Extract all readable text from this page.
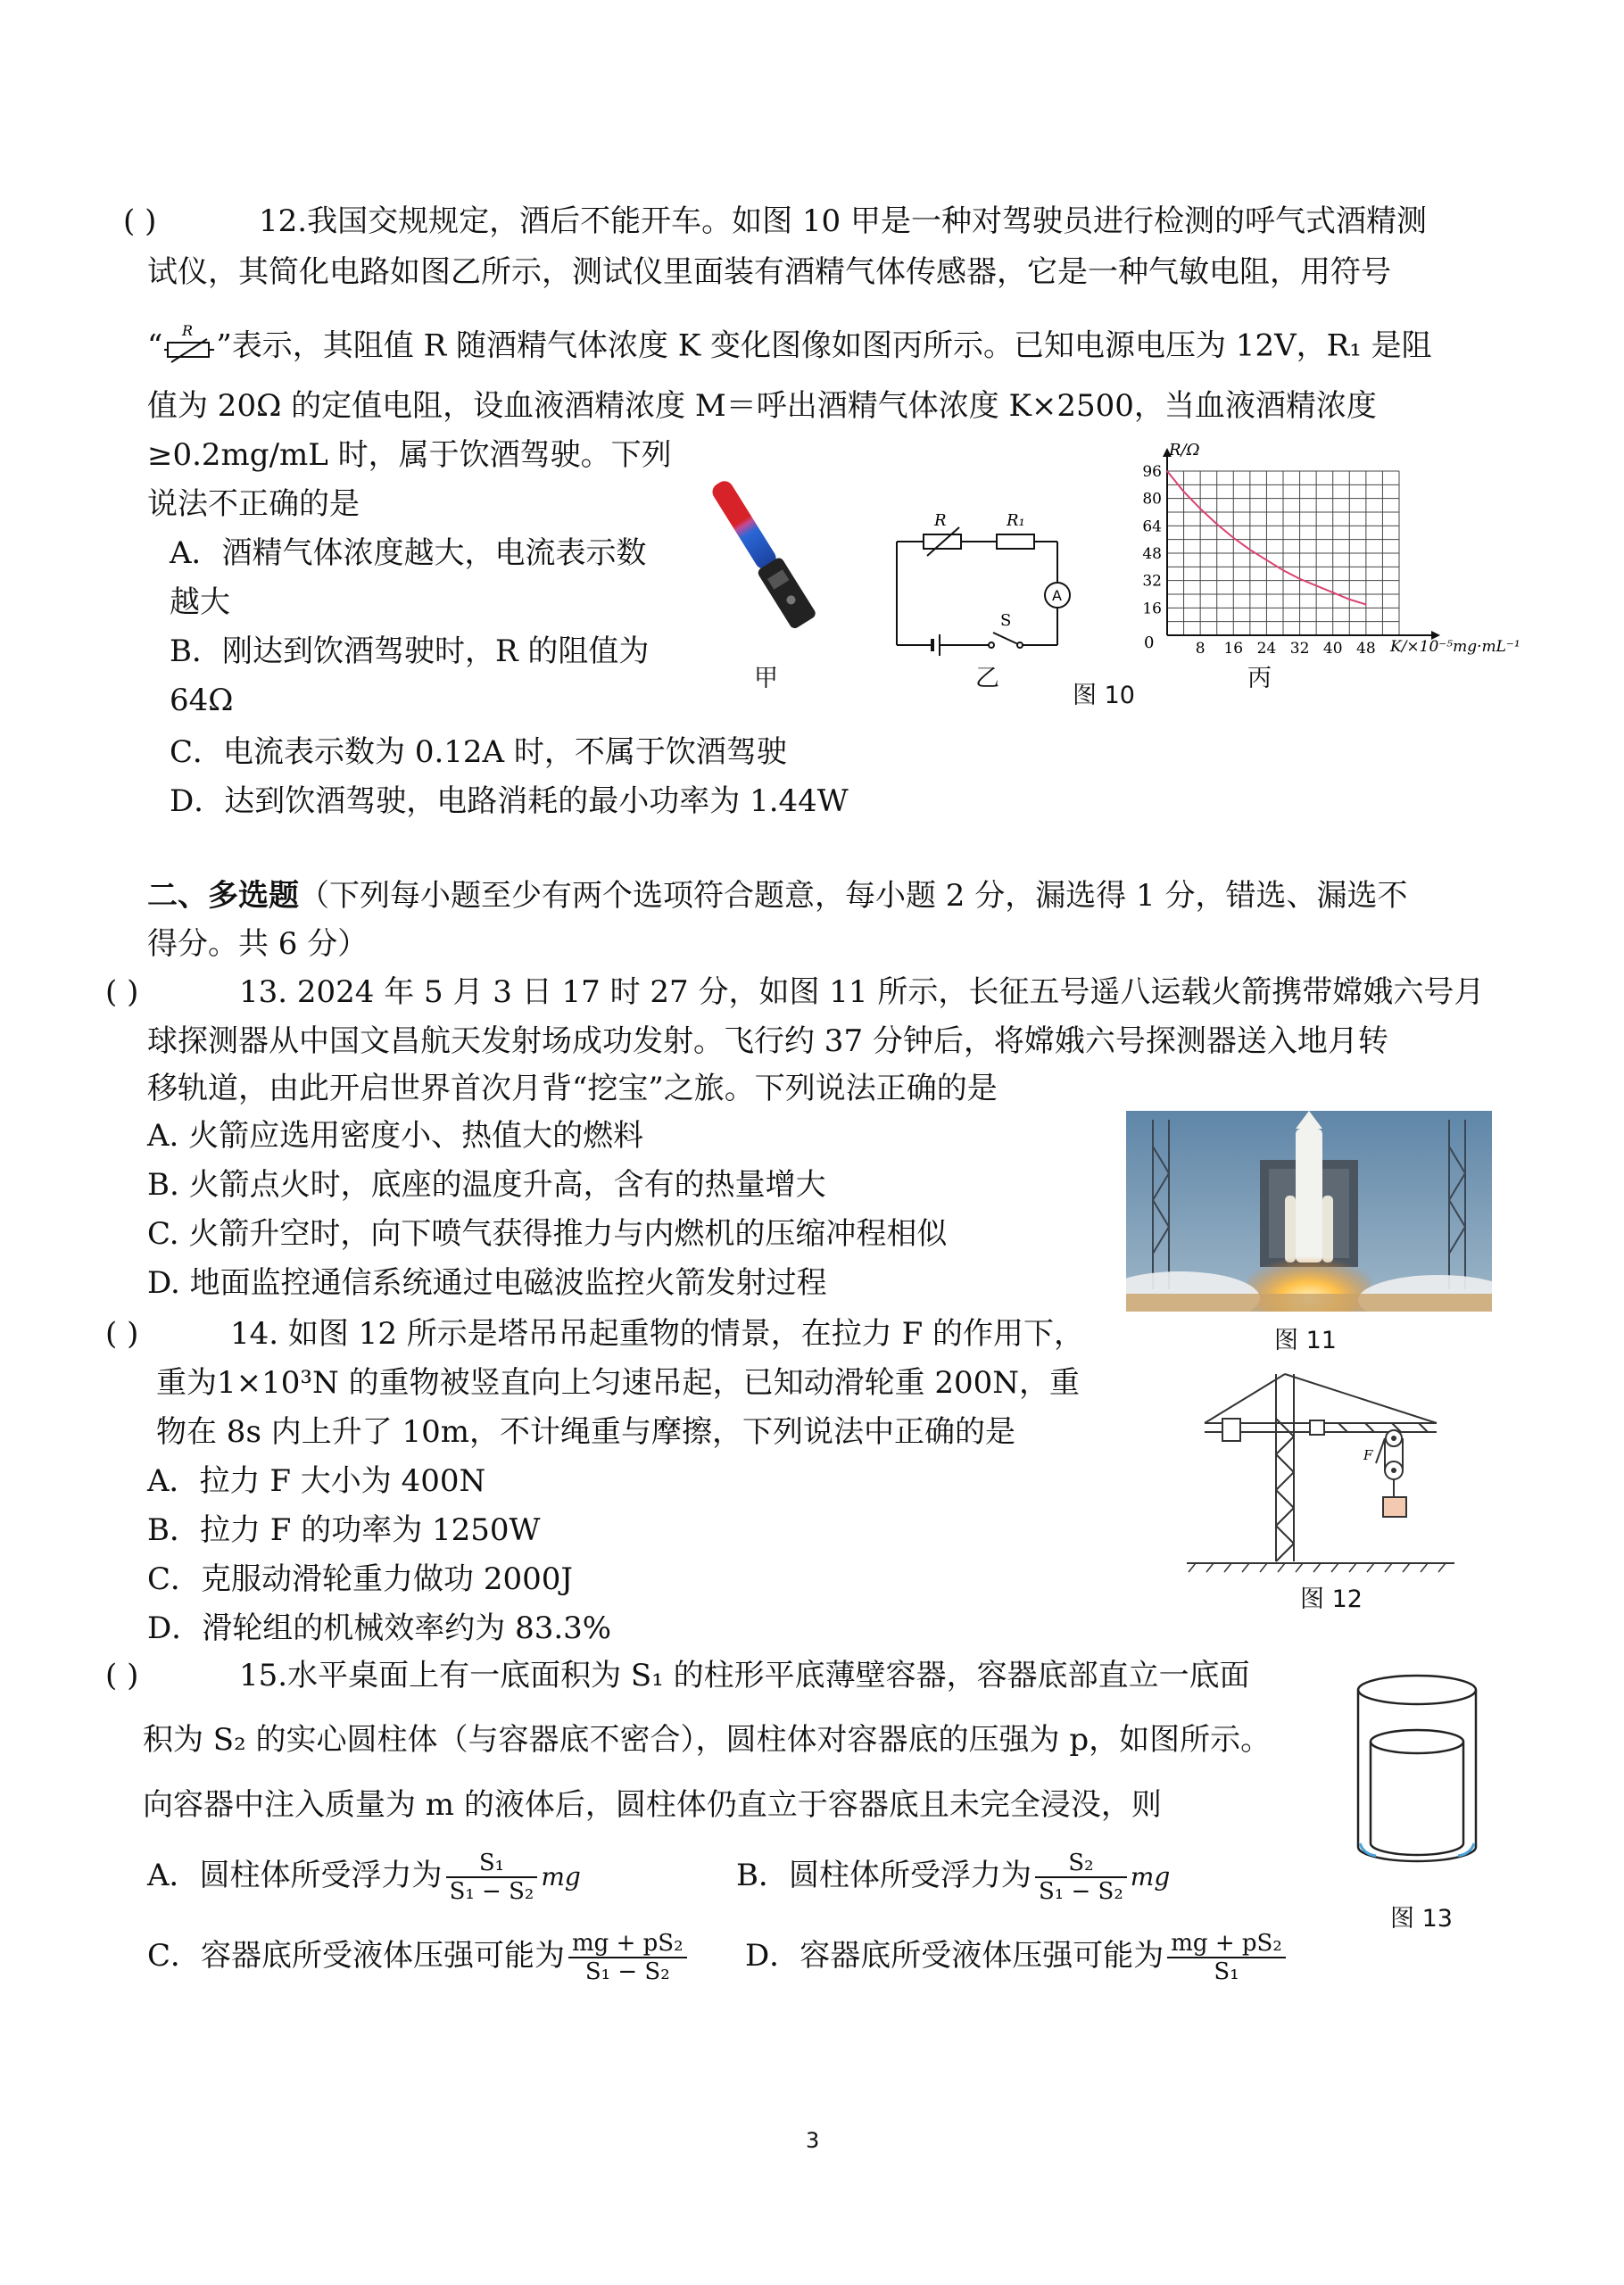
( )	12.我国交规规定，酒后不能开车。如图 10 甲是一种对驾驶员进行检测的呼气式酒精测
试仪，其简化电路如图乙所示，测试仪里面装有酒精气体传感器，它是一种气敏电阻，用符号
“ R ”表示，其阻值 R 随酒精气体浓度 K 变化图像如图丙所示。已知电源电压为 12V，R₁ 是阻
值为 20Ω 的定值电阻，设血液酒精浓度 M＝呼出酒精气体浓度 K×2500，当血液酒精浓度
≥0.2mg/mL 时，属于饮酒驾驶。下列
说法不正确的是
A．酒精气体浓度越大，电流表示数
越大
B．刚达到饮酒驾驶时，R 的阻值为
64Ω
C．电流表示数为 0.12A 时，不属于饮酒驾驶
D．达到饮酒驾驶，电路消耗的最小功率为 1.44W
甲
R	R₁
A
S
乙
8 16 24 32 40 48
16
32
48
64
80
96
R/Ω
K/×10⁻⁵mg·mL⁻¹
0
丙
图 10
二、多选题（下列每小题至少有两个选项符合题意，每小题 2 分，漏选得 1 分，错选、漏选不
得分。共 6 分）
( )	13. 2024 年 5 月 3 日 17 时 27 分，如图 11 所示，长征五号遥八运载火箭携带嫦娥六号月
球探测器从中国文昌航天发射场成功发射。飞行约 37 分钟后，将嫦娥六号探测器送入地月转
移轨道，由此开启世界首次月背“挖宝”之旅。下列说法正确的是
A. 火箭应选用密度小、热值大的燃料
B. 火箭点火时，底座的温度升高，含有的热量增大
C. 火箭升空时，向下喷气获得推力与内燃机的压缩冲程相似
D. 地面监控通信系统通过电磁波监控火箭发射过程
图 11
( )	14. 如图 12 所示是塔吊吊起重物的情景，在拉力 F 的作用下，
重为1×10³N 的重物被竖直向上匀速吊起，已知动滑轮重 200N，重
物在 8s 内上升了 10m，不计绳重与摩擦，下列说法中正确的是
A．拉力 F 大小为 400N
B．拉力 F 的功率为 1250W
C．克服动滑轮重力做功 2000J
D．滑轮组的机械效率约为 83.3%
F
图 12
( )	15.水平桌面上有一底面积为 S₁ 的柱形平底薄壁容器，容器底部直立一底面
积为 S₂ 的实心圆柱体（与容器底不密合），圆柱体对容器底的压强为 p，如图所示。
向容器中注入质量为 m 的液体后，圆柱体仍直立于容器底且未完全浸没，则
A．圆柱体所受浮力为 $\frac{\text{S₁}}{\text{S₁ − S₂}}$ mg	B．圆柱体所受浮力为 $\frac{\text{S₂}}{\text{S₁ − S₂}}$ mg
C．容器底所受液体压强可能为 $\frac{\text{mg + pS₂}}{\text{S₁ − S₂}}$ D．容器底所受液体压强可能为 $\frac{\text{mg + pS₂}}{\text{S₁}}$
图 13
3
